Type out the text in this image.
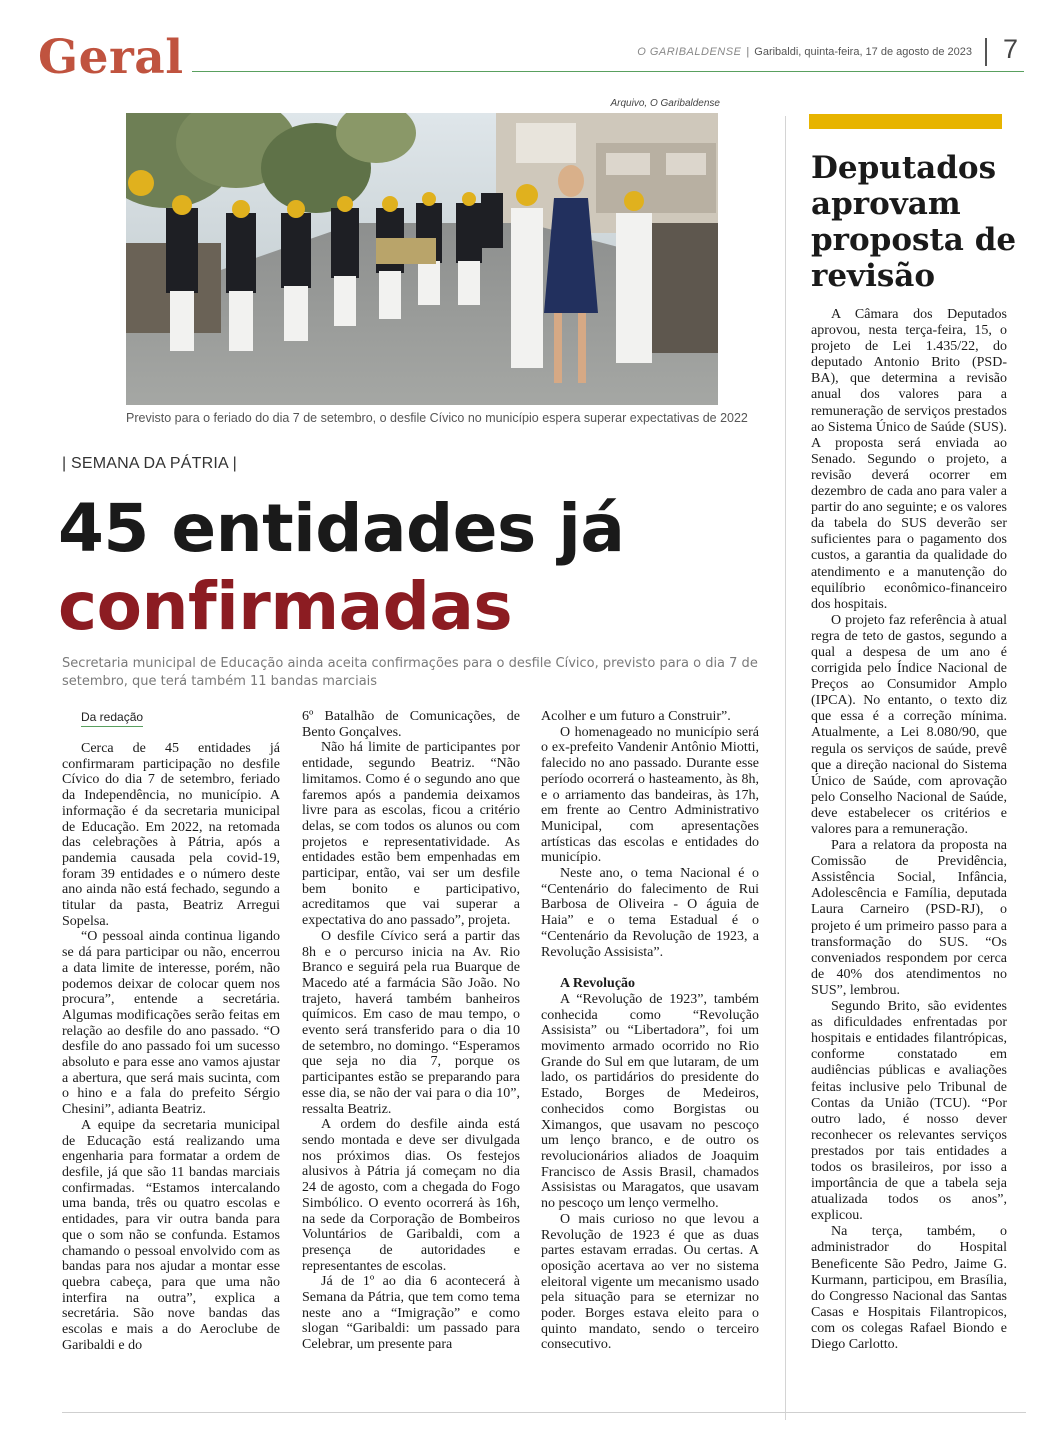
Geral	O GARIBALDENSE | Garibaldi, quinta-feira, 17 de agosto de 2023 7
Arquivo, O Garibaldense
Previsto para o feriado do dia 7 de setembro, o desfile Cívico no município espera superar expectativas de 2022
| SEMANA DA PÁTRIA |
45 entidades já
confirmadas
Secretaria municipal de Educação ainda aceita confirmações para o desfile Cívico, previsto para o dia 7 de setembro, que terá também 11 bandas marciais
Da redação

Cerca de 45 entidades já confirmaram participação no desfile Cívico do dia 7 de setembro, feriado da Independência, no município. A informação é da secretaria municipal de Educação. Em 2022, na retomada das celebrações à Pátria, após a pandemia causada pela covid-19, foram 39 entidades e o número deste ano ainda não está fechado, segundo a titular da pasta, Beatriz Arregui Sopelsa.

“O pessoal ainda continua ligando se dá para participar ou não, encerrou a data limite de interesse, porém, não podemos deixar de colocar quem nos procura”, entende a secretária. Algumas modificações serão feitas em relação ao desfile do ano passado. “O desfile do ano passado foi um sucesso absoluto e para esse ano vamos ajustar a abertura, que será mais sucinta, com o hino e a fala do prefeito Sérgio Chesini”, adianta Beatriz.

A equipe da secretaria municipal de Educação está realizando uma engenharia para formatar a ordem de desfile, já que são 11 bandas marciais confirmadas. “Estamos intercalando uma banda, três ou quatro escolas e entidades, para vir outra banda para que o som não se confunda. Estamos chamando o pessoal envolvido com as bandas para nos ajudar a montar esse quebra cabeça, para que uma não interfira na outra”, explica a secretária. São nove bandas das escolas e mais a do Aeroclube de Garibaldi e do

6º Batalhão de Comunicações, de Bento Gonçalves.

Não há limite de participantes por entidade, segundo Beatriz. “Não limitamos. Como é o segundo ano que faremos após a pandemia deixamos livre para as escolas, ficou a critério delas, se com todos os alunos ou com projetos e representatividade. As entidades estão bem empenhadas em participar, então, vai ser um desfile bem bonito e participativo, acreditamos que vai superar a expectativa do ano passado”, projeta.

O desfile Cívico será a partir das 8h e o percurso inicia na Av. Rio Branco e seguirá pela rua Buarque de Macedo até a farmácia São João. No trajeto, haverá também banheiros químicos. Em caso de mau tempo, o evento será transferido para o dia 10 de setembro, no domingo. “Esperamos que seja no dia 7, porque os participantes estão se preparando para esse dia, se não der vai para o dia 10”, ressalta Beatriz.

A ordem do desfile ainda está sendo montada e deve ser divulgada nos próximos dias. Os festejos alusivos à Pátria já começam no dia 24 de agosto, com a chegada do Fogo Simbólico. O evento ocorrerá às 16h, na sede da Corporação de Bombeiros Voluntários de Garibaldi, com a presença de autoridades e representantes de escolas.

Já de 1º ao dia 6 acontecerá à Semana da Pátria, que tem como tema neste ano a “Imigração” e como slogan “Garibaldi: um passado para Celebrar, um presente para

Acolher e um futuro a Construir”.

O homenageado no município será o ex-prefeito Vandenir Antônio Miotti, falecido no ano passado. Durante esse período ocorrerá o hasteamento, às 8h, e o arriamento das bandeiras, às 17h, em frente ao Centro Administrativo Municipal, com apresentações artísticas das escolas e entidades do município.

Neste ano, o tema Nacional é o “Centenário do falecimento de Rui Barbosa de Oliveira - O águia de Haia” e o tema Estadual é o “Centenário da Revolução de 1923, a Revolução Assisista”.

A Revolução

A “Revolução de 1923”, também conhecida como “Revolução Assisista” ou “Libertadora”, foi um movimento armado ocorrido no Rio Grande do Sul em que lutaram, de um lado, os partidários do presidente do Estado, Borges de Medeiros, conhecidos como Borgistas ou Ximangos, que usavam no pescoço um lenço branco, e de outro os revolucionários aliados de Joaquim Francisco de Assis Brasil, chamados Assisistas ou Maragatos, que usavam no pescoço um lenço vermelho.

O mais curioso no que levou a Revolução de 1923 é que as duas partes estavam erradas. Ou certas. A oposição acertava ao ver no sistema eleitoral vigente um mecanismo usado pela situação para se eternizar no poder. Borges estava eleito para o quinto mandato, sendo o terceiro consecutivo.

Deputados aprovam proposta de revisão

A Câmara dos Deputados aprovou, nesta terça-feira, 15, o projeto de Lei 1.435/22, do deputado Antonio Brito (PSD-BA), que determina a revisão anual dos valores para a remuneração de serviços prestados ao Sistema Único de Saúde (SUS). A proposta será enviada ao Senado. Segundo o projeto, a revisão deverá ocorrer em dezembro de cada ano para valer a partir do ano seguinte; e os valores da tabela do SUS deverão ser suficientes para o pagamento dos custos, a garantia da qualidade do atendimento e a manutenção do equilíbrio econômico-financeiro dos hospitais.

O projeto faz referência à atual regra de teto de gastos, segundo a qual a despesa de um ano é corrigida pelo Índice Nacional de Preços ao Consumidor Amplo (IPCA). No entanto, o texto diz que essa é a correção mínima. Atualmente, a Lei 8.080/90, que regula os serviços de saúde, prevê que a direção nacional do Sistema Único de Saúde, com aprovação pelo Conselho Nacional de Saúde, deve estabelecer os critérios e valores para a remuneração.

Para a relatora da proposta na Comissão de Previdência, Assistência Social, Infância, Adolescência e Família, deputada Laura Carneiro (PSD-RJ), o projeto é um primeiro passo para a transformação do SUS. “Os conveniados respondem por cerca de 40% dos atendimentos no SUS”, lembrou.

Segundo Brito, são evidentes as dificuldades enfrentadas por hospitais e entidades filantrópicas, conforme constatado em audiências públicas e avaliações feitas inclusive pelo Tribunal de Contas da União (TCU). “Por outro lado, é nosso dever reconhecer os relevantes serviços prestados por tais entidades a todos os brasileiros, por isso a importância de que a tabela seja atualizada todos os anos”, explicou.

Na terça, também, o administrador do Hospital Beneficente São Pedro, Jaime G. Kurmann, participou, em Brasília, do Congresso Nacional das Santas Casas e Hospitais Filantropicos, com os colegas Rafael Biondo e Diego Carlotto.
